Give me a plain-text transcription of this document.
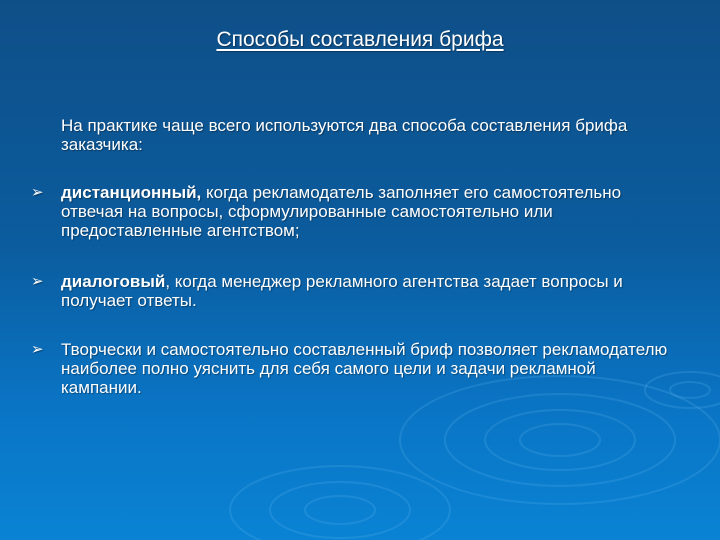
Способы составления брифа
На практике чаще всего используются два способа составления брифа заказчика:
➢ дистанционный, когда рекламодатель заполняет его самостоятельно отвечая на вопросы, сформулированные самостоятельно или предоставленные агентством;
➢ диалоговый, когда менеджер рекламного агентства задает вопросы и получает ответы.
➢ Творчески и самостоятельно составленный бриф позволяет рекламодателю наиболее полно уяснить для себя самого цели и задачи рекламной кампании.
